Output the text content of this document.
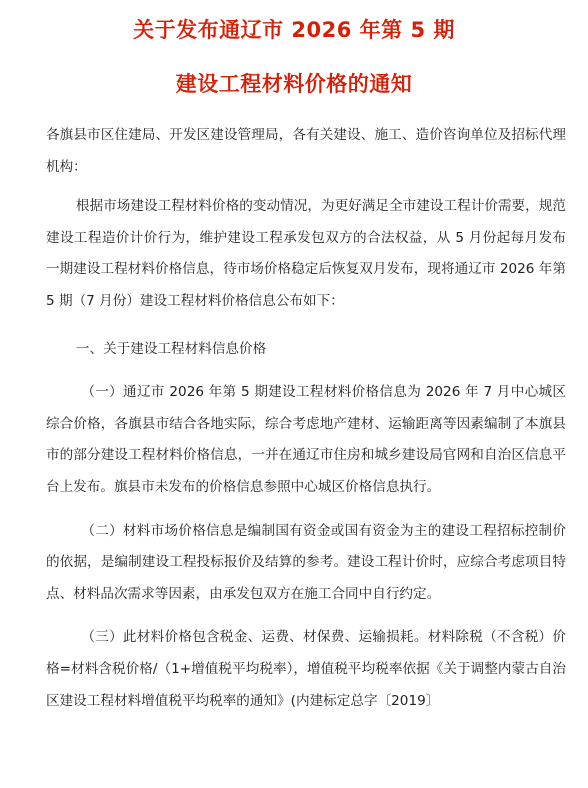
关于发布通辽市 2026 年第 5 期
建设工程材料价格的通知

各旗县市区住建局、开发区建设管理局，各有关建设、施工、造价咨询单位及招标代理机构：

根据市场建设工程材料价格的变动情况，为更好满足全市建设工程计价需要，规范建设工程造价计价行为，维护建设工程承发包双方的合法权益，从 5 月份起每月发布一期建设工程材料价格信息，待市场价格稳定后恢复双月发布，现将通辽市 2026 年第 5 期（7 月份）建设工程材料价格信息公布如下：

一、关于建设工程材料信息价格

（一）通辽市 2026 年第 5 期建设工程材料价格信息为 2026 年 7 月中心城区综合价格，各旗县市结合各地实际，综合考虑地产建材、运输距离等因素编制了本旗县市的部分建设工程材料价格信息，一并在通辽市住房和城乡建设局官网和自治区信息平台上发布。旗县市未发布的价格信息参照中心城区价格信息执行。

（二）材料市场价格信息是编制国有资金或国有资金为主的建设工程招标控制价的依据，是编制建设工程投标报价及结算的参考。建设工程计价时，应综合考虑项目特点、材料品次需求等因素，由承发包双方在施工合同中自行约定。

（三）此材料价格包含税金、运费、材保费、运输损耗。材料除税（不含税）价格=材料含税价格/（1+增值税平均税率），增值税平均税率依据《关于调整内蒙古自治区建设工程材料增值税平均税率的通知》(内建标定总字〔2019〕
